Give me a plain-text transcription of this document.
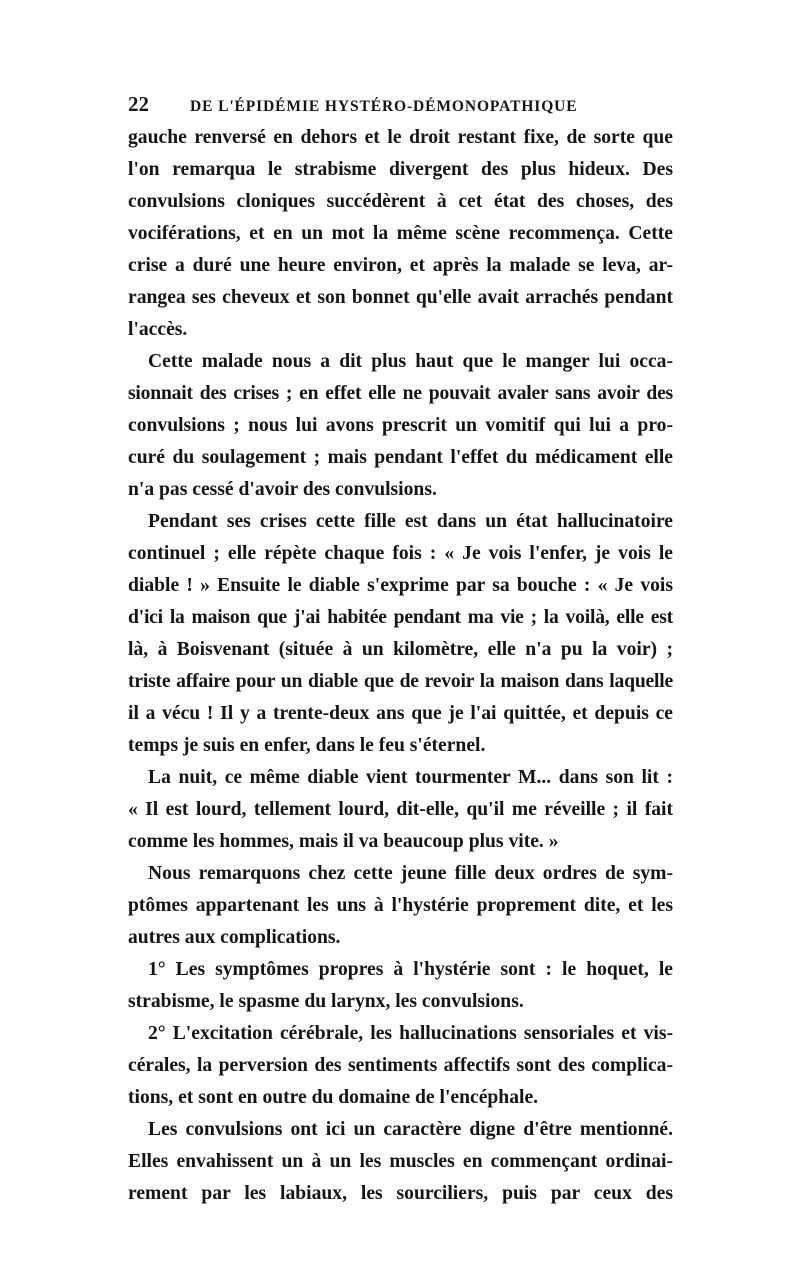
22	DE L'ÉPIDÉMIE HYSTÉRO-DÉMONOPATHIQUE
gauche renversé en dehors et le droit restant fixe, de sorte que
l'on remarqua le strabisme divergent des plus hideux. Des
convulsions cloniques succédèrent à cet état des choses, des
vociférations, et en un mot la même scène recommença. Cette
crise a duré une heure environ, et après la malade se leva, ar-
rangea ses cheveux et son bonnet qu'elle avait arrachés pendant
l'accès.
Cette malade nous a dit plus haut que le manger lui occa-
sionnait des crises ; en effet elle ne pouvait avaler sans avoir des
convulsions ; nous lui avons prescrit un vomitif qui lui a pro-
curé du soulagement ; mais pendant l'effet du médicament elle
n'a pas cessé d'avoir des convulsions.
Pendant ses crises cette fille est dans un état hallucinatoire
continuel ; elle répète chaque fois : « Je vois l'enfer, je vois le
diable ! » Ensuite le diable s'exprime par sa bouche : « Je vois
d'ici la maison que j'ai habitée pendant ma vie ; la voilà, elle est
là, à Boisvenant (située à un kilomètre, elle n'a pu la voir) ;
triste affaire pour un diable que de revoir la maison dans laquelle
il a vécu ! Il y a trente-deux ans que je l'ai quittée, et depuis ce
temps je suis en enfer, dans le feu s'éternel.
La nuit, ce même diable vient tourmenter M... dans son lit :
« Il est lourd, tellement lourd, dit-elle, qu'il me réveille ; il fait
comme les hommes, mais il va beaucoup plus vite. »
Nous remarquons chez cette jeune fille deux ordres de sym-
ptômes appartenant les uns à l'hystérie proprement dite, et les
autres aux complications.
1° Les symptômes propres à l'hystérie sont : le hoquet, le
strabisme, le spasme du larynx, les convulsions.
2° L'excitation cérébrale, les hallucinations sensoriales et vis-
cérales, la perversion des sentiments affectifs sont des complica-
tions, et sont en outre du domaine de l'encéphale.
Les convulsions ont ici un caractère digne d'être mentionné.
Elles envahissent un à un les muscles en commençant ordinai-
rement par les labiaux, les sourciliers, puis par ceux des
